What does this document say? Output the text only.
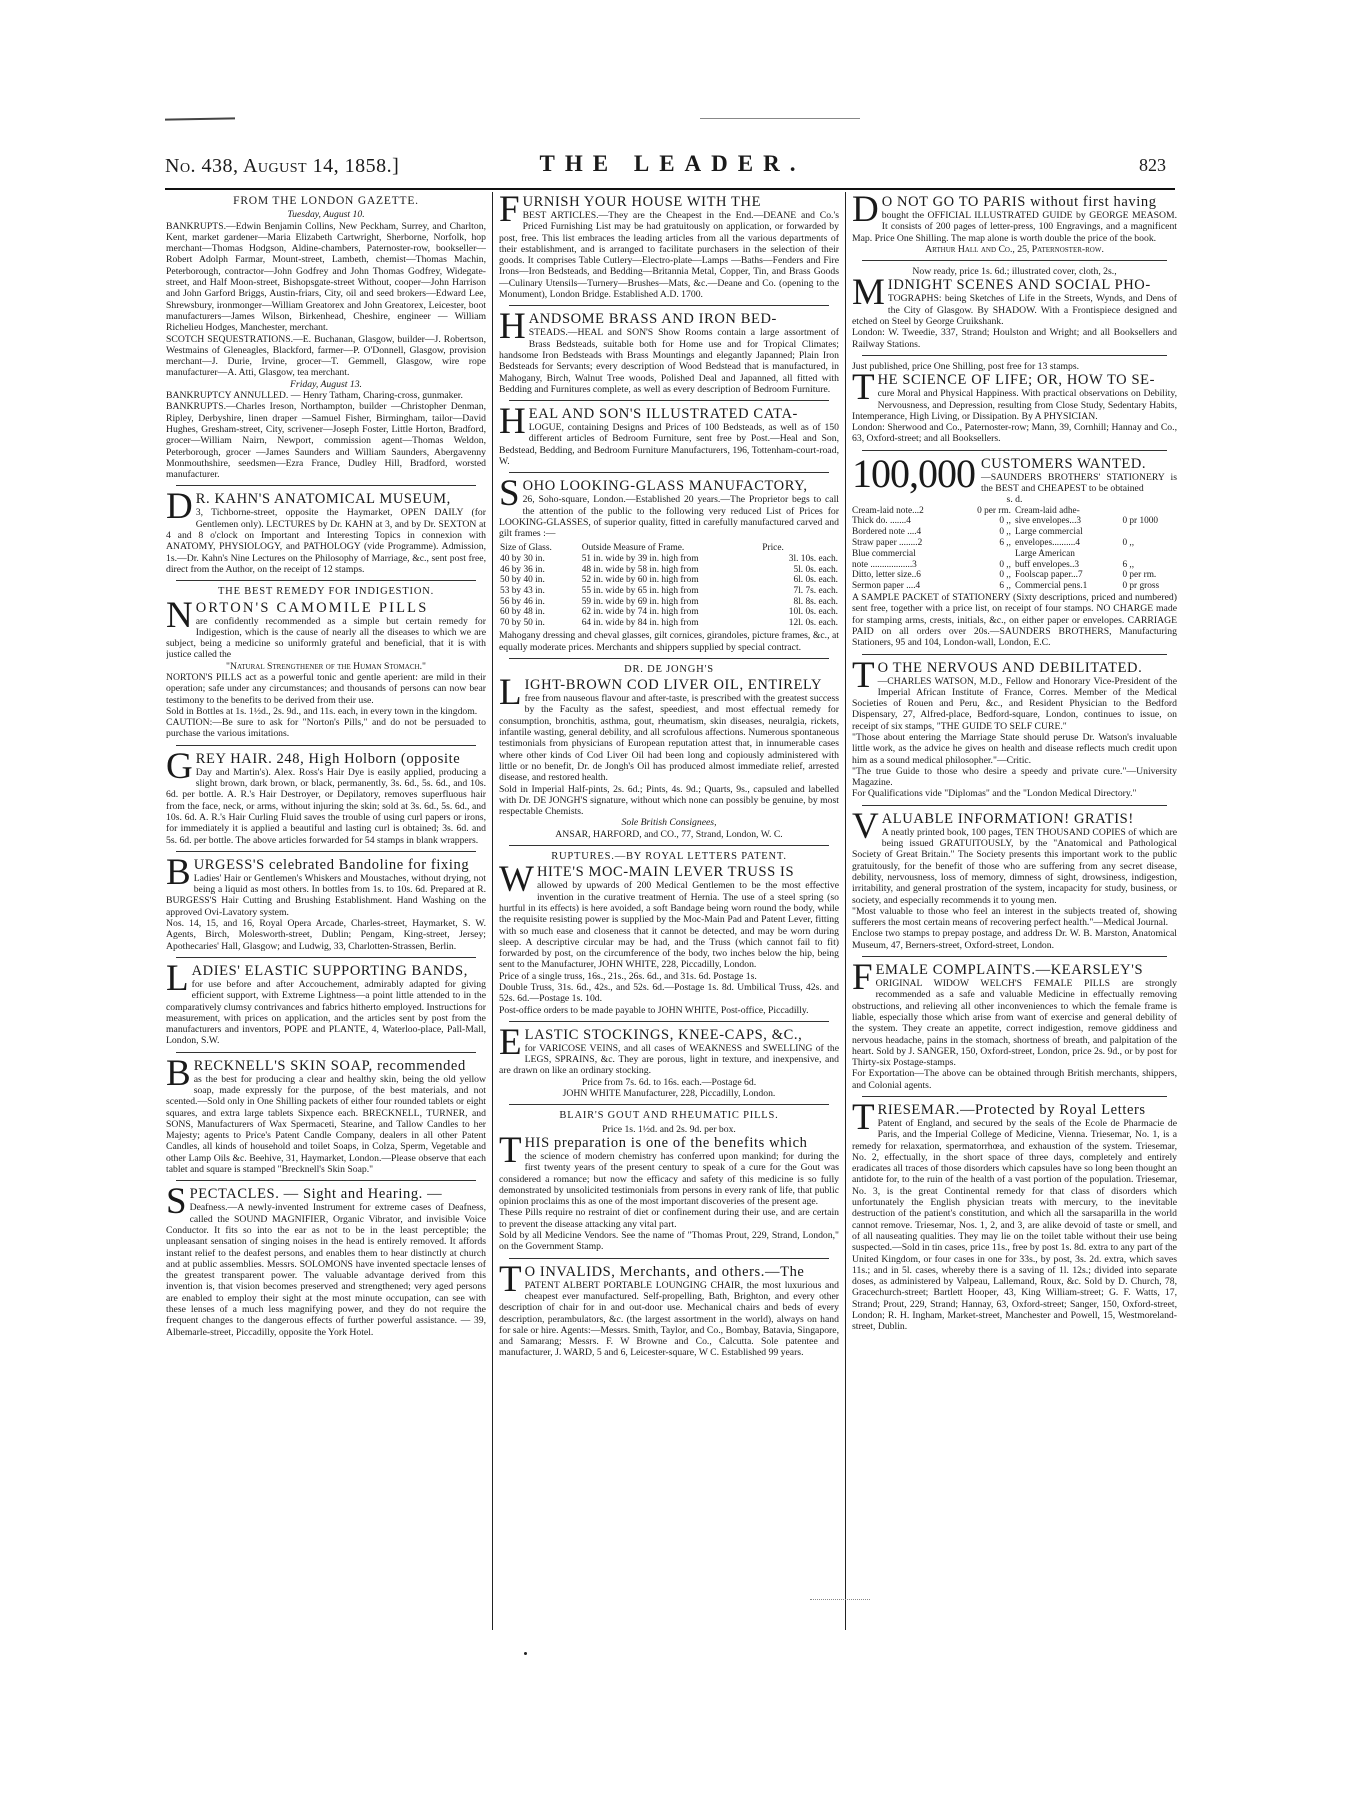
No. 438, August 14, 1858.]	THE LEADER.	823
FROM THE LONDON GAZETTE.
Tuesday, August 10.
BANKRUPTS.—Edwin Benjamin Collins, New Peckham, Surrey, and Charlton, Kent, market gardener—Maria Elizabeth Cartwright, Sherborne, Norfolk, hop merchant—Thomas Hodgson, Aldine-chambers, Paternoster-row, bookseller—Robert Adolph Farmar, Mount-street, Lambeth, chemist—Thomas Machin, Peterborough, contractor—John Godfrey and John Thomas Godfrey, Widegate-street, and Half Moon-street, Bishopsgate-street Without, cooper—John Harrison and John Garford Briggs, Austin-friars, City, oil and seed brokers—Edward Lee, Shrewsbury, ironmonger—William Greatorex and John Greatorex, Leicester, boot manufacturers—James Wilson, Birkenhead, Cheshire, engineer — William Richelieu Hodges, Manchester, merchant.
SCOTCH SEQUESTRATIONS.—E. Buchanan, Glasgow, builder—J. Robertson, Westmains of Gleneagles, Blackford, farmer—P. O'Donnell, Glasgow, provision merchant—J. Durie, Irvine, grocer—T. Gemmell, Glasgow, wire rope manufacturer—A. Atti, Glasgow, tea merchant.
Friday, August 13.
BANKRUPTCY ANNULLED. — Henry Tatham, Charing-cross, gunmaker.
BANKRUPTS.—Charles Ireson, Northampton, builder —Christopher Denman, Ripley, Derbyshire, linen draper —Samuel Fisher, Birmingham, tailor—David Hughes, Gresham-street, City, scrivener—Joseph Foster, Little Horton, Bradford, grocer—William Nairn, Newport, commission agent—Thomas Weldon, Peterborough, grocer —James Saunders and William Saunders, Abergavenny Monmouthshire, seedsmen—Ezra France, Dudley Hill, Bradford, worsted manufacturer.
D R. KAHN'S ANATOMICAL MUSEUM,
3, Tichborne-street, opposite the Haymarket, OPEN DAILY (for Gentlemen only). LECTURES by Dr. KAHN at 3, and by Dr. SEXTON at 4 and 8 o'clock on Important and Interesting Topics in connexion with ANATOMY, PHYSIOLOGY, and PATHOLOGY (vide Programme). Admission, 1s.—Dr. Kahn's Nine Lectures on the Philosophy of Marriage, &c., sent post free, direct from the Author, on the receipt of 12 stamps.
THE BEST REMEDY FOR INDIGESTION.
N ORTON'S CAMOMILE PILLS
are confidently recommended as a simple but certain remedy for Indigestion, which is the cause of nearly all the diseases to which we are subject, being a medicine so uniformly grateful and beneficial, that it is with justice called the
"Natural Strengthener of the Human Stomach."
NORTON'S PILLS act as a powerful tonic and gentle aperient: are mild in their operation; safe under any circumstances; and thousands of persons can now bear testimony to the benefits to be derived from their use.
Sold in Bottles at 1s. 1½d., 2s. 9d., and 11s. each, in every town in the kingdom.
CAUTION:—Be sure to ask for "Norton's Pills," and do not be persuaded to purchase the various imitations.
G REY HAIR. 248, High Holborn (opposite
Day and Martin's). Alex. Ross's Hair Dye is easily applied, producing a slight brown, dark brown, or black, permanently, 3s. 6d., 5s. 6d., and 10s. 6d. per bottle. A. R.'s Hair Destroyer, or Depilatory, removes superfluous hair from the face, neck, or arms, without injuring the skin; sold at 3s. 6d., 5s. 6d., and 10s. 6d. A. R.'s Hair Curling Fluid saves the trouble of using curl papers or irons, for immediately it is applied a beautiful and lasting curl is obtained; 3s. 6d. and 5s. 6d. per bottle. The above articles forwarded for 54 stamps in blank wrappers.
B URGESS'S celebrated Bandoline for fixing
Ladies' Hair or Gentlemen's Whiskers and Moustaches, without drying, not being a liquid as most others. In bottles from 1s. to 10s. 6d. Prepared at R. BURGESS'S Hair Cutting and Brushing Establishment. Hand Washing on the approved Ovi-Lavatory system.
Nos. 14, 15, and 16, Royal Opera Arcade, Charles-street, Haymarket, S. W. Agents, Birch, Molesworth-street, Dublin; Pengam, King-street, Jersey; Apothecaries' Hall, Glasgow; and Ludwig, 33, Charlotten-Strassen, Berlin.
L ADIES' ELASTIC SUPPORTING BANDS,
for use before and after Accouchement, admirably adapted for giving efficient support, with Extreme Lightness—a point little attended to in the comparatively clumsy contrivances and fabrics hitherto employed. Instructions for measurement, with prices on application, and the articles sent by post from the manufacturers and inventors, POPE and PLANTE, 4, Waterloo-place, Pall-Mall, London, S.W.
B RECKNELL'S SKIN SOAP, recommended
as the best for producing a clear and healthy skin, being the old yellow soap, made expressly for the purpose, of the best materials, and not scented.—Sold only in One Shilling packets of either four rounded tablets or eight squares, and extra large tablets Sixpence each. BRECKNELL, TURNER, and SONS, Manufacturers of Wax Spermaceti, Stearine, and Tallow Candles to her Majesty; agents to Price's Patent Candle Company, dealers in all other Patent Candles, all kinds of household and toilet Soaps, in Colza, Sperm, Vegetable and other Lamp Oils &c. Beehive, 31, Haymarket, London.—Please observe that each tablet and square is stamped "Brecknell's Skin Soap."
S PECTACLES. — Sight and Hearing. —
Deafness.—A newly-invented Instrument for extreme cases of Deafness, called the SOUND MAGNIFIER, Organic Vibrator, and invisible Voice Conductor. It fits so into the ear as not to be in the least perceptible; the unpleasant sensation of singing noises in the head is entirely removed. It affords instant relief to the deafest persons, and enables them to hear distinctly at church and at public assemblies. Messrs. SOLOMONS have invented spectacle lenses of the greatest transparent power. The valuable advantage derived from this invention is, that vision becomes preserved and strengthened; very aged persons are enabled to employ their sight at the most minute occupation, can see with these lenses of a much less magnifying power, and they do not require the frequent changes to the dangerous effects of further powerful assistance. — 39, Albemarle-street, Piccadilly, opposite the York Hotel.
F URNISH YOUR HOUSE WITH THE
BEST ARTICLES.—They are the Cheapest in the End.—DEANE and Co.'s Priced Furnishing List may be had gratuitously on application, or forwarded by post, free. This list embraces the leading articles from all the various departments of their establishment, and is arranged to facilitate purchasers in the selection of their goods. It comprises Table Cutlery—Electro-plate—Lamps —Baths—Fenders and Fire Irons—Iron Bedsteads, and Bedding—Britannia Metal, Copper, Tin, and Brass Goods—Culinary Utensils—Turnery—Brushes—Mats, &c.—Deane and Co. (opening to the Monument), London Bridge. Established A.D. 1700.
H ANDSOME BRASS AND IRON BED-
STEADS.—HEAL and SON'S Show Rooms contain a large assortment of Brass Bedsteads, suitable both for Home use and for Tropical Climates; handsome Iron Bedsteads with Brass Mountings and elegantly Japanned; Plain Iron Bedsteads for Servants; every description of Wood Bedstead that is manufactured, in Mahogany, Birch, Walnut Tree woods, Polished Deal and Japanned, all fitted with Bedding and Furnitures complete, as well as every description of Bedroom Furniture.
H EAL AND SON'S ILLUSTRATED CATA-
LOGUE, containing Designs and Prices of 100 Bedsteads, as well as of 150 different articles of Bedroom Furniture, sent free by Post.—Heal and Son, Bedstead, Bedding, and Bedroom Furniture Manufacturers, 196, Tottenham-court-road, W.
S OHO LOOKING-GLASS MANUFACTORY,
26, Soho-square, London.—Established 20 years.—The Proprietor begs to call the attention of the public to the following very reduced List of Prices for LOOKING-GLASSES, of superior quality, fitted in carefully manufactured carved and gilt frames :—
Size of Glass.	Outside Measure of Frame.	Price.
40 by 30 in.	51 in. wide by 39 in. high from	3l. 10s. each.
46 by 36 in.	48 in. wide by 58 in. high from	5l. 0s. each.
50 by 40 in.	52 in. wide by 60 in. high from	6l. 0s. each.
53 by 43 in.	55 in. wide by 65 in. high from	7l. 7s. each.
56 by 46 in.	59 in. wide by 69 in. high from	8l. 8s. each.
60 by 48 in.	62 in. wide by 74 in. high from	10l. 0s. each.
70 by 50 in.	64 in. wide by 84 in. high from	12l. 0s. each.
Mahogany dressing and cheval glasses, gilt cornices, girandoles, picture frames, &c., at equally moderate prices. Merchants and shippers supplied by special contract.
DR. DE JONGH'S
L IGHT-BROWN COD LIVER OIL, ENTIRELY
free from nauseous flavour and after-taste, is prescribed with the greatest success by the Faculty as the safest, speediest, and most effectual remedy for consumption, bronchitis, asthma, gout, rheumatism, skin diseases, neuralgia, rickets, infantile wasting, general debility, and all scrofulous affections. Numerous spontaneous testimonials from physicians of European reputation attest that, in innumerable cases where other kinds of Cod Liver Oil had been long and copiously administered with little or no benefit, Dr. de Jongh's Oil has produced almost immediate relief, arrested disease, and restored health.
Sold in Imperial Half-pints, 2s. 6d.; Pints, 4s. 9d.; Quarts, 9s., capsuled and labelled with Dr. DE JONGH'S signature, without which none can possibly be genuine, by most respectable Chemists.
Sole British Consignees,
ANSAR, HARFORD, and CO., 77, Strand, London, W. C.
RUPTURES.—BY ROYAL LETTERS PATENT.
W HITE'S MOC-MAIN LEVER TRUSS IS
allowed by upwards of 200 Medical Gentlemen to be the most effective invention in the curative treatment of Hernia. The use of a steel spring (so hurtful in its effects) is here avoided, a soft Bandage being worn round the body, while the requisite resisting power is supplied by the Moc-Main Pad and Patent Lever, fitting with so much ease and closeness that it cannot be detected, and may be worn during sleep. A descriptive circular may be had, and the Truss (which cannot fail to fit) forwarded by post, on the circumference of the body, two inches below the hip, being sent to the Manufacturer, JOHN WHITE, 228, Piccadilly, London.
Price of a single truss, 16s., 21s., 26s. 6d., and 31s. 6d. Postage 1s.
Double Truss, 31s. 6d., 42s., and 52s. 6d.—Postage 1s. 8d. Umbilical Truss, 42s. and 52s. 6d.—Postage 1s. 10d.
Post-office orders to be made payable to JOHN WHITE, Post-office, Piccadilly.
E LASTIC STOCKINGS, KNEE-CAPS, &C.,
for VARICOSE VEINS, and all cases of WEAKNESS and SWELLING of the LEGS, SPRAINS, &c. They are porous, light in texture, and inexpensive, and are drawn on like an ordinary stocking.
Price from 7s. 6d. to 16s. each.—Postage 6d.
JOHN WHITE Manufacturer, 228, Piccadilly, London.
BLAIR'S GOUT AND RHEUMATIC PILLS.
Price 1s. 1½d. and 2s. 9d. per box.
T HIS preparation is one of the benefits which
the science of modern chemistry has conferred upon mankind; for during the first twenty years of the present century to speak of a cure for the Gout was considered a romance; but now the efficacy and safety of this medicine is so fully demonstrated by unsolicited testimonials from persons in every rank of life, that public opinion proclaims this as one of the most important discoveries of the present age.
These Pills require no restraint of diet or confinement during their use, and are certain to prevent the disease attacking any vital part.
Sold by all Medicine Vendors. See the name of "Thomas Prout, 229, Strand, London," on the Government Stamp.
T O INVALIDS, Merchants, and others.—The
PATENT ALBERT PORTABLE LOUNGING CHAIR, the most luxurious and cheapest ever manufactured. Self-propelling, Bath, Brighton, and every other description of chair for in and out-door use. Mechanical chairs and beds of every description, perambulators, &c. (the largest assortment in the world), always on hand for sale or hire. Agents:—Messrs. Smith, Taylor, and Co., Bombay, Batavia, Singapore, and Samarang; Messrs. F. W Browne and Co., Calcutta. Sole patentee and manufacturer, J. WARD, 5 and 6, Leicester-square, W C. Established 99 years.
D O NOT GO TO PARIS without first having
bought the OFFICIAL ILLUSTRATED GUIDE by GEORGE MEASOM. It consists of 200 pages of letter-press, 100 Engravings, and a magnificent Map. Price One Shilling. The map alone is worth double the price of the book.
Arthur Hall and Co., 25, Paternoster-row.
Now ready, price 1s. 6d.; illustrated cover, cloth, 2s.,
M IDNIGHT SCENES AND SOCIAL PHO-
TOGRAPHS: being Sketches of Life in the Streets, Wynds, and Dens of the City of Glasgow. By SHADOW. With a Frontispiece designed and etched on Steel by George Cruikshank.
London: W. Tweedie, 337, Strand; Houlston and Wright; and all Booksellers and Railway Stations.
Just published, price One Shilling, post free for 13 stamps.
T HE SCIENCE OF LIFE; OR, HOW TO SE-
cure Moral and Physical Happiness. With practical observations on Debility, Nervousness, and Depression, resulting from Close Study, Sedentary Habits, Intemperance, High Living, or Dissipation. By A PHYSICIAN.
London: Sherwood and Co., Paternoster-row; Mann, 39, Cornhill; Hannay and Co., 63, Oxford-street; and all Booksellers.
100,000 CUSTOMERS WANTED.
—SAUNDERS BROTHERS' STATIONERY is the BEST and CHEAPEST to be obtained
s. d.
Cream-laid note...2	0 per rm.	Cream-laid adhe-	
Thick do. .......4	0 ,,	sive envelopes...3	0 pr 1000
Bordered note ....4	0 ,,	Large commercial	
Straw paper ........2	6 ,,	envelopes..........4	0 ,,
Blue commercial		Large American	
note ..................3	0 ,,	buff envelopes..3	6 ,,
Ditto, letter size..6	0 ,,	Foolscap paper...7	0 per rm.
Sermon paper ....4	6 ,,	Commercial pens.1	0 pr gross
A SAMPLE PACKET of STATIONERY (Sixty descriptions, priced and numbered) sent free, together with a price list, on receipt of four stamps. NO CHARGE made for stamping arms, crests, initials, &c., on either paper or envelopes. CARRIAGE PAID on all orders over 20s.—SAUNDERS BROTHERS, Manufacturing Stationers, 95 and 104, London-wall, London, E.C.
T O THE NERVOUS AND DEBILITATED.
—CHARLES WATSON, M.D., Fellow and Honorary Vice-President of the Imperial African Institute of France, Corres. Member of the Medical Societies of Rouen and Peru, &c., and Resident Physician to the Bedford Dispensary, 27, Alfred-place, Bedford-square, London, continues to issue, on receipt of six stamps, "THE GUIDE TO SELF CURE."
"Those about entering the Marriage State should peruse Dr. Watson's invaluable little work, as the advice he gives on health and disease reflects much credit upon him as a sound medical philosopher."—Critic.
"The true Guide to those who desire a speedy and private cure."—University Magazine.
For Qualifications vide "Diplomas" and the "London Medical Directory."
V ALUABLE INFORMATION! GRATIS!
A neatly printed book, 100 pages, TEN THOUSAND COPIES of which are being issued GRATUITOUSLY, by the "Anatomical and Pathological Society of Great Britain." The Society presents this important work to the public gratuitously, for the benefit of those who are suffering from any secret disease, debility, nervousness, loss of memory, dimness of sight, drowsiness, indigestion, irritability, and general prostration of the system, incapacity for study, business, or society, and especially recommends it to young men.
"Most valuable to those who feel an interest in the subjects treated of, showing sufferers the most certain means of recovering perfect health."—Medical Journal.
Enclose two stamps to prepay postage, and address Dr. W. B. Marston, Anatomical Museum, 47, Berners-street, Oxford-street, London.
F EMALE COMPLAINTS.—KEARSLEY'S
ORIGINAL WIDOW WELCH'S FEMALE PILLS are strongly recommended as a safe and valuable Medicine in effectually removing obstructions, and relieving all other inconveniences to which the female frame is liable, especially those which arise from want of exercise and general debility of the system. They create an appetite, correct indigestion, remove giddiness and nervous headache, pains in the stomach, shortness of breath, and palpitation of the heart. Sold by J. SANGER, 150, Oxford-street, London, price 2s. 9d., or by post for Thirty-six Postage-stamps.
For Exportation—The above can be obtained through British merchants, shippers, and Colonial agents.
T RIESEMAR.—Protected by Royal Letters
Patent of England, and secured by the seals of the Ecole de Pharmacie de Paris, and the Imperial College of Medicine, Vienna. Triesemar, No. 1, is a remedy for relaxation, spermatorrhœa, and exhaustion of the system. Triesemar, No. 2, effectually, in the short space of three days, completely and entirely eradicates all traces of those disorders which capsules have so long been thought an antidote for, to the ruin of the health of a vast portion of the population. Triesemar, No. 3, is the great Continental remedy for that class of disorders which unfortunately the English physician treats with mercury, to the inevitable destruction of the patient's constitution, and which all the sarsaparilla in the world cannot remove. Triesemar, Nos. 1, 2, and 3, are alike devoid of taste or smell, and of all nauseating qualities. They may lie on the toilet table without their use being suspected.—Sold in tin cases, price 11s., free by post 1s. 8d. extra to any part of the United Kingdom, or four cases in one for 33s., by post, 3s. 2d. extra, which saves 11s.; and in 5l. cases, whereby there is a saving of 1l. 12s.; divided into separate doses, as administered by Valpeau, Lallemand, Roux, &c. Sold by D. Church, 78, Gracechurch-street; Bartlett Hooper, 43, King William-street; G. F. Watts, 17, Strand; Prout, 229, Strand; Hannay, 63, Oxford-street; Sanger, 150, Oxford-street, London; R. H. Ingham, Market-street, Manchester and Powell, 15, Westmoreland-street, Dublin.
